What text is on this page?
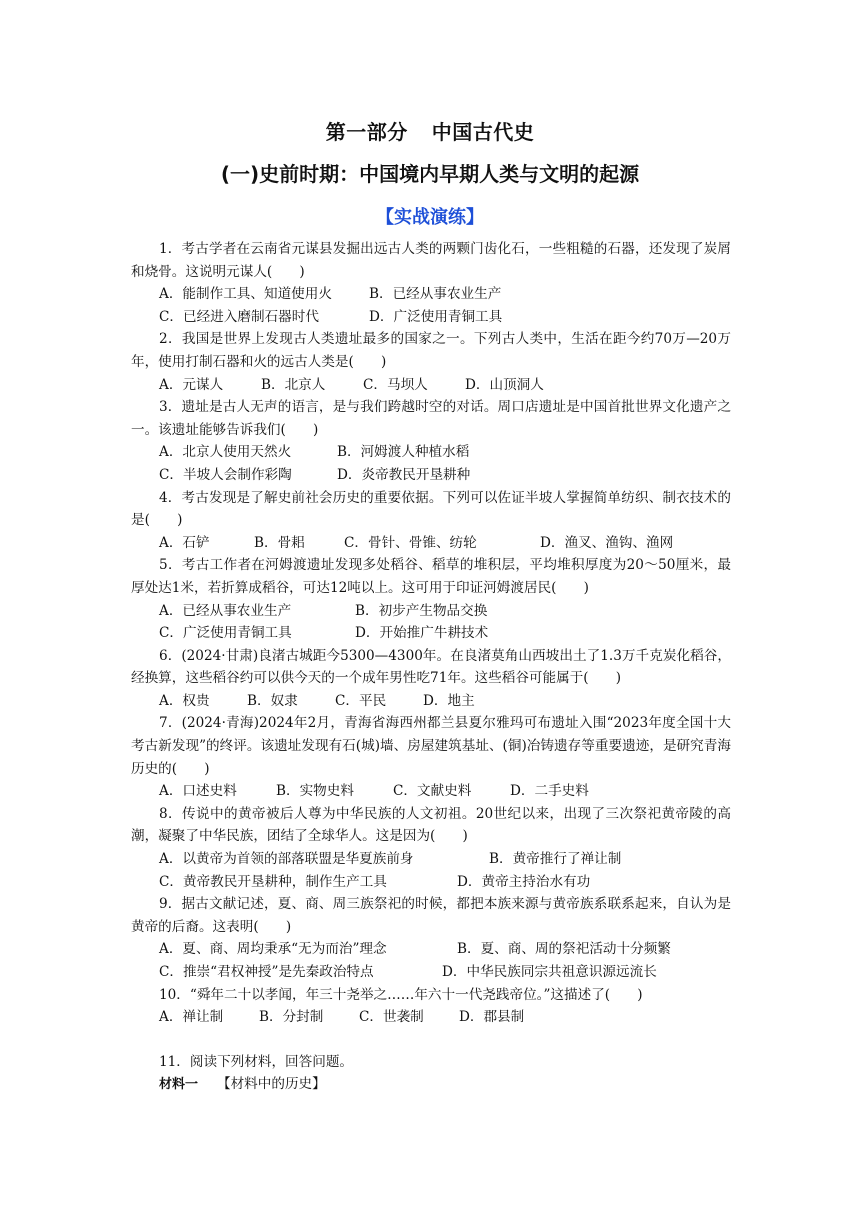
第一部分 中国古代史
(一)史前时期：中国境内早期人类与文明的起源
【实战演练】

1．考古学者在云南省元谋县发掘出远古人类的两颗门齿化石，一些粗糙的石器，还发现了炭屑和烧骨。这说明元谋人(　　)

A．能制作工具、知道使用火	B．已经从事农业生产
C．已经进入磨制石器时代	D．广泛使用青铜工具

2．我国是世界上发现古人类遗址最多的国家之一。下列古人类中，生活在距今约70万—20万年，使用打制石器和火的远古人类是(　　)

A．元谋人	B．北京人	C．马坝人	D．山顶洞人

3．遗址是古人无声的语言，是与我们跨越时空的对话。周口店遗址是中国首批世界文化遗产之一。该遗址能够告诉我们(　　)

A．北京人使用天然火	B．河姆渡人种植水稻
C．半坡人会制作彩陶	D．炎帝教民开垦耕种

4．考古发现是了解史前社会历史的重要依据。下列可以佐证半坡人掌握简单纺织、制衣技术的是(　　)

A．石铲	B．骨耜	C．骨针、骨锥、纺轮	D．渔叉、渔钩、渔网

5．考古工作者在河姆渡遗址发现多处稻谷、稻草的堆积层，平均堆积厚度为20～50厘米，最厚处达1米，若折算成稻谷，可达12吨以上。这可用于印证河姆渡居民(　　)

A．已经从事农业生产	B．初步产生物品交换
C．广泛使用青铜工具	D．开始推广牛耕技术

6．(2024·甘肃)良渚古城距今5300—4300年。在良渚莫角山西坡出土了1.3万千克炭化稻谷，经换算，这些稻谷约可以供今天的一个成年男性吃71年。这些稻谷可能属于(　　)

A．权贵	B．奴隶	C．平民	D．地主

7．(2024·青海)2024年2月，青海省海西州都兰县夏尔雅玛可布遗址入围“2023年度全国十大考古新发现”的终评。该遗址发现有石(城)墙、房屋建筑基址、(铜)冶铸遗存等重要遗迹，是研究青海历史的(　　)

A．口述史料	B．实物史料	C．文献史料	D．二手史料

8．传说中的黄帝被后人尊为中华民族的人文初祖。20世纪以来，出现了三次祭祀黄帝陵的高潮，凝聚了中华民族，团结了全球华人。这是因为(　　)

A．以黄帝为首领的部落联盟是华夏族前身	B．黄帝推行了禅让制
C．黄帝教民开垦耕种，制作生产工具	D．黄帝主持治水有功

9．据古文献记述，夏、商、周三族祭祀的时候，都把本族来源与黄帝族系联系起来，自认为是黄帝的后裔。这表明(　　)

A．夏、商、周均秉承“无为而治”理念	B．夏、商、周的祭祀活动十分频繁
C．推崇“君权神授”是先秦政治特点	D．中华民族同宗共祖意识源远流长

10．“舜年二十以孝闻，年三十尧举之……年六十一代尧践帝位。”这描述了(　　)

A．禅让制	B．分封制	C．世袭制	D．郡县制

11．阅读下列材料，回答问题。

材料一 【材料中的历史】
